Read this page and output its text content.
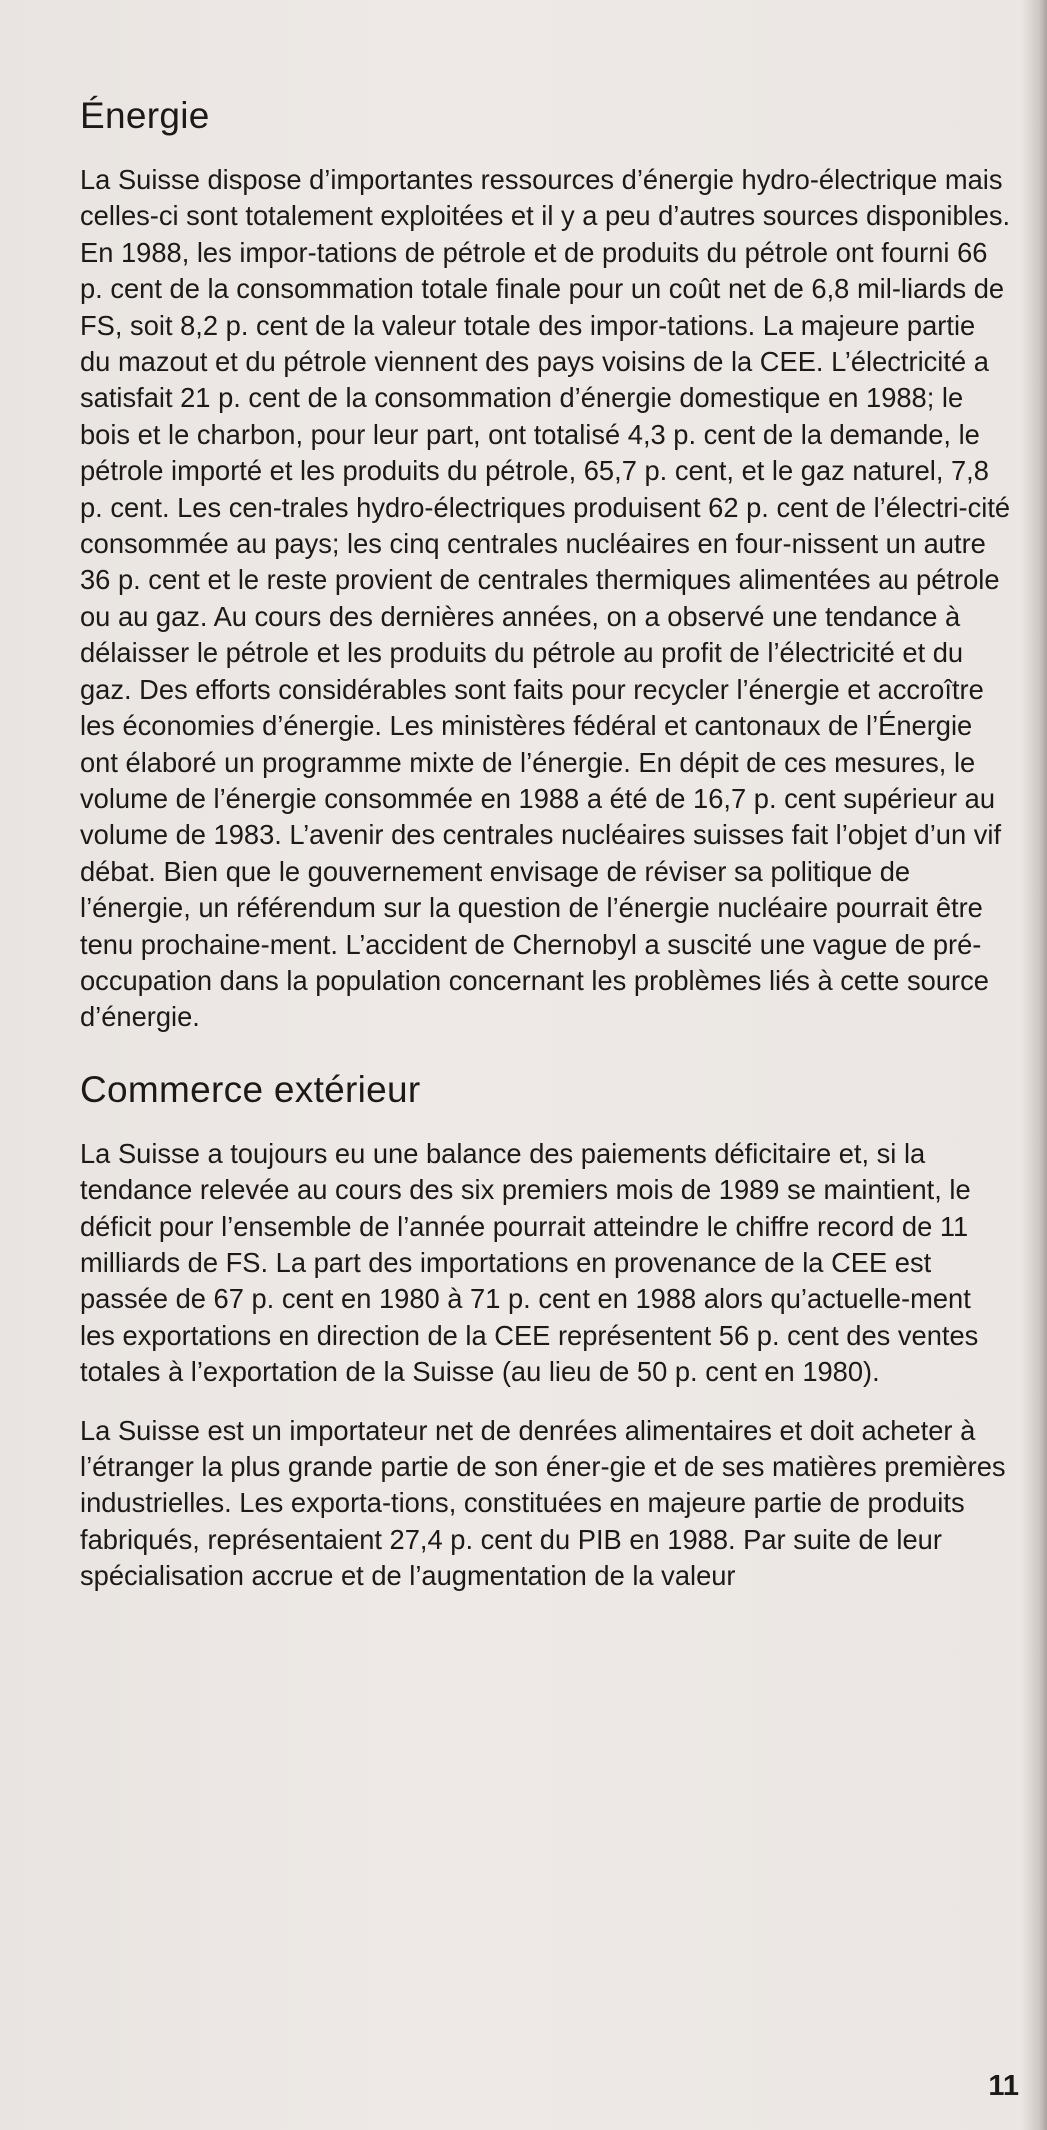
Énergie

La Suisse dispose d’importantes ressources d’énergie hydro-électrique mais celles-ci sont totalement exploitées et il y a peu d’autres sources disponibles. En 1988, les impor-tations de pétrole et de produits du pétrole ont fourni 66 p. cent de la consommation totale finale pour un coût net de 6,8 mil-liards de FS, soit 8,2 p. cent de la valeur totale des impor-tations. La majeure partie du mazout et du pétrole viennent des pays voisins de la CEE. L’électricité a satisfait 21 p. cent de la consommation d’énergie domestique en 1988; le bois et le charbon, pour leur part, ont totalisé 4,3 p. cent de la demande, le pétrole importé et les produits du pétrole, 65,7 p. cent, et le gaz naturel, 7,8 p. cent. Les cen-trales hydro-électriques produisent 62 p. cent de l’électri-cité consommée au pays; les cinq centrales nucléaires en four-nissent un autre 36 p. cent et le reste provient de centrales thermiques alimentées au pétrole ou au gaz. Au cours des dernières années, on a observé une tendance à délaisser le pétrole et les produits du pétrole au profit de l’électricité et du gaz. Des efforts considérables sont faits pour recycler l’énergie et accroître les économies d’énergie. Les ministères fédéral et cantonaux de l’Énergie ont élaboré un programme mixte de l’énergie. En dépit de ces mesures, le volume de l’énergie consommée en 1988 a été de 16,7 p. cent supérieur au volume de 1983. L’avenir des centrales nucléaires suisses fait l’objet d’un vif débat. Bien que le gouvernement envisage de réviser sa politique de l’énergie, un référendum sur la question de l’énergie nucléaire pourrait être tenu prochaine-ment. L’accident de Chernobyl a suscité une vague de pré-occupation dans la population concernant les problèmes liés à cette source d’énergie.

Commerce extérieur

La Suisse a toujours eu une balance des paiements déficitaire et, si la tendance relevée au cours des six premiers mois de 1989 se maintient, le déficit pour l’ensemble de l’année pourrait atteindre le chiffre record de 11 milliards de FS. La part des importations en provenance de la CEE est passée de 67 p. cent en 1980 à 71 p. cent en 1988 alors qu’actuelle-ment les exportations en direction de la CEE représentent 56 p. cent des ventes totales à l’exportation de la Suisse (au lieu de 50 p. cent en 1980).

La Suisse est un importateur net de denrées alimentaires et doit acheter à l’étranger la plus grande partie de son éner-gie et de ses matières premières industrielles. Les exporta-tions, constituées en majeure partie de produits fabriqués, représentaient 27,4 p. cent du PIB en 1988. Par suite de leur spécialisation accrue et de l’augmentation de la valeur

11
